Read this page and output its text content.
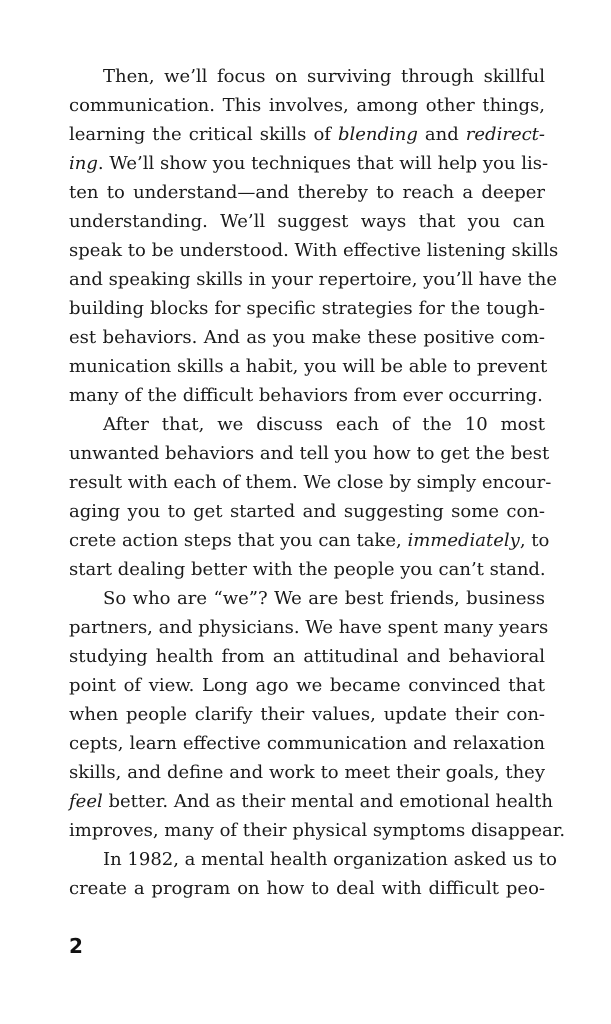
Then, we’ll focus on surviving through skillful
communication. This involves, among other things,
learning the critical skills of blending and redirect-
ing. We’ll show you techniques that will help you lis-
ten to understand—and thereby to reach a deeper
understanding. We’ll suggest ways that you can
speak to be understood. With effective listening skills
and speaking skills in your repertoire, you’ll have the
building blocks for specific strategies for the tough-
est behaviors. And as you make these positive com-
munication skills a habit, you will be able to prevent
many of the difficult behaviors from ever occurring.
After that, we discuss each of the 10 most
unwanted behaviors and tell you how to get the best
result with each of them. We close by simply encour-
aging you to get started and suggesting some con-
crete action steps that you can take, immediately, to
start dealing better with the people you can’t stand.
So who are “we”? We are best friends, business
partners, and physicians. We have spent many years
studying health from an attitudinal and behavioral
point of view. Long ago we became convinced that
when people clarify their values, update their con-
cepts, learn effective communication and relaxation
skills, and define and work to meet their goals, they
feel better. And as their mental and emotional health
improves, many of their physical symptoms disappear.
In 1982, a mental health organization asked us to
create a program on how to deal with difficult peo-
2
